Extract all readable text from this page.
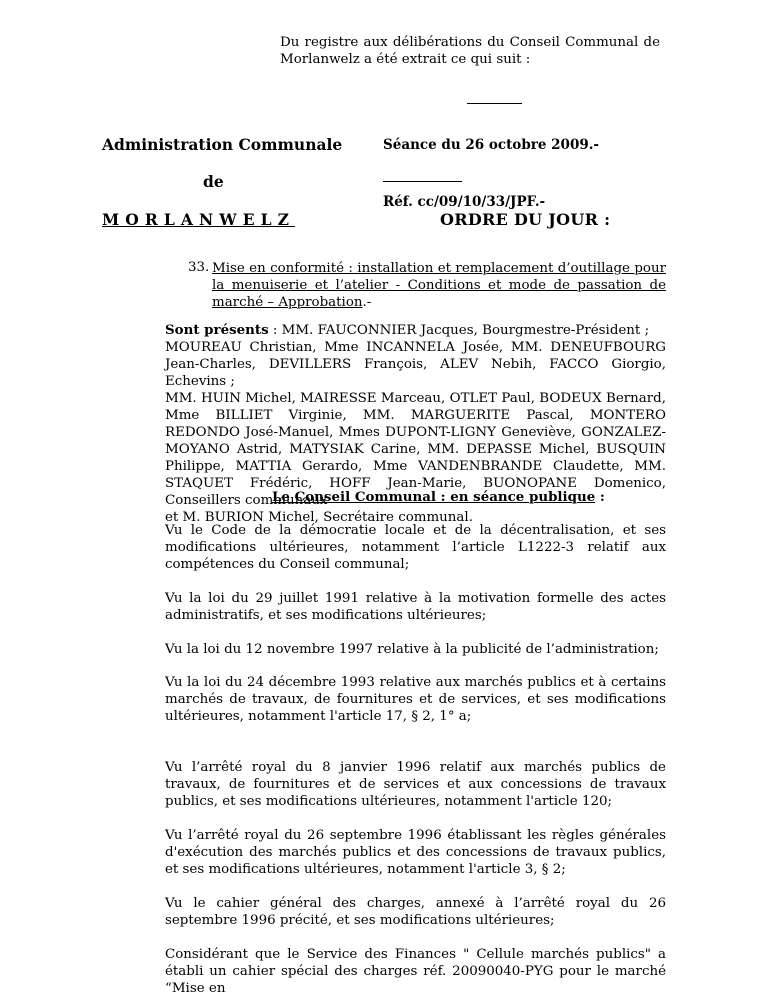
Du registre aux délibérations du Conseil Communal de Morlanwelz a été extrait ce qui suit :
Administration Communale
de
MORLANWELZ
Séance du 26 octobre 2009.-
Réf. cc/09/10/33/JPF.-
ORDRE DU JOUR :
33. Mise en conformité : installation et remplacement d’outillage pour la menuiserie et l’atelier - Conditions et mode de passation de marché – Approbation.-

Sont présents : MM. FAUCONNIER Jacques, Bourgmestre-Président ;

MOUREAU Christian, Mme INCANNELA Josée, MM. DENEUFBOURG Jean-Charles, DEVILLERS François, ALEV Nebih, FACCO Giorgio, Echevins ;

MM. HUIN Michel, MAIRESSE Marceau, OTLET Paul, BODEUX Bernard, Mme BILLIET Virginie, MM. MARGUERITE Pascal, MONTERO REDONDO José-Manuel, Mmes DUPONT-LIGNY Geneviève, GONZALEZ-MOYANO Astrid, MATYSIAK Carine, MM. DEPASSE Michel, BUSQUIN Philippe, MATTIA Gerardo, Mme VANDENBRANDE Claudette, MM. STAQUET Frédéric, HOFF Jean-Marie, BUONOPANE Domenico, Conseillers communaux

et M. BURION Michel, Secrétaire communal.

Le Conseil Communal : en séance publique :

Vu le Code de la démocratie locale et de la décentralisation, et ses modifications ultérieures, notamment l’article L1222-3 relatif aux compétences du Conseil communal;

Vu la loi du 29 juillet 1991 relative à la motivation formelle des actes administratifs, et ses modifications ultérieures;

Vu la loi du 12 novembre 1997 relative à la publicité de l’administration;

Vu la loi du 24 décembre 1993 relative aux marchés publics et à certains marchés de travaux, de fournitures et de services, et ses modifications ultérieures, notamment l'article 17, § 2, 1° a;

Vu l’arrêté royal du 8 janvier 1996 relatif aux marchés publics de travaux, de fournitures et de services et aux concessions de travaux publics, et ses modifications ultérieures, notamment l'article 120;

Vu l’arrêté royal du 26 septembre 1996 établissant les règles générales d'exécution des marchés publics et des concessions de travaux publics, et ses modifications ultérieures, notamment l'article 3, § 2;

Vu le cahier général des charges, annexé à l’arrêté royal du 26 septembre 1996 précité, et ses modifications ultérieures;

Considérant que le Service des Finances " Cellule marchés publics" a établi un cahier spécial des charges réf. 20090040-PYG pour le marché “Mise en
